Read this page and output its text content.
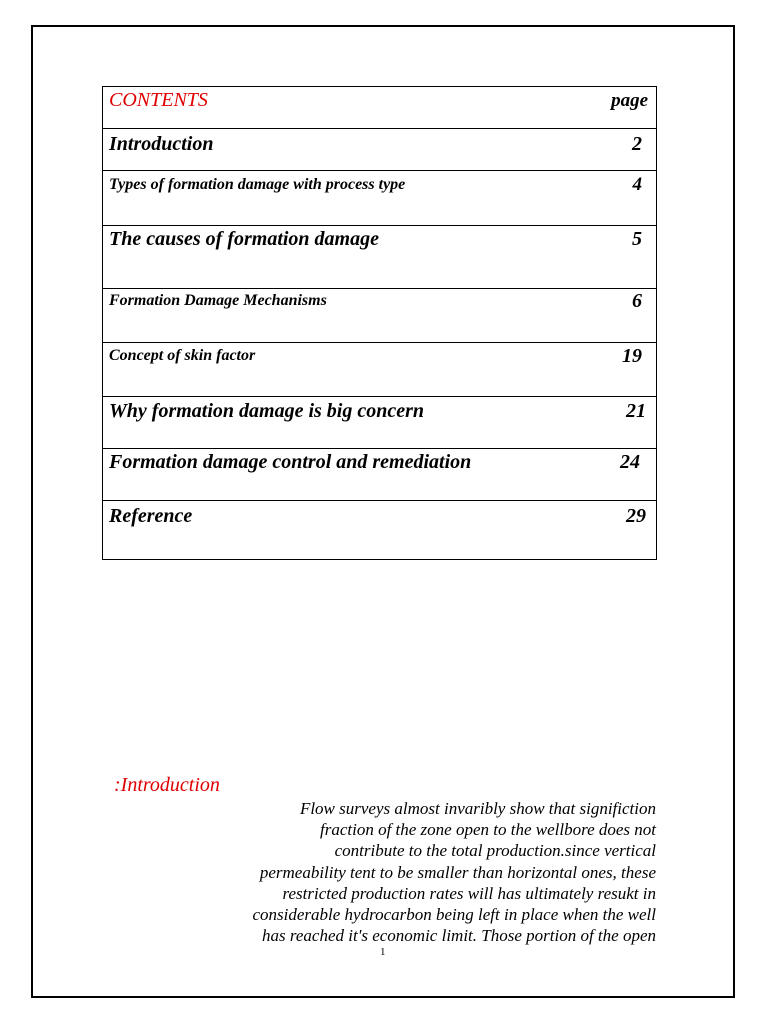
CONTENTS	page
Introduction	2
Types of formation damage with process type	4
The causes of formation damage	5
Formation Damage Mechanisms	6
Concept of skin factor	19
Why formation damage is big concern	21
Formation damage control and remediation	24
Reference	29
:Introduction
Flow surveys almost invaribly show that significtion
fraction of the zone open to the wellbore does not
contribute to the total production.since vertical
permeability tent to be smaller than horizontal ones, these
restricted production rates will has ultimately resukt in
considerable hydrocarbon being left in place when the well
has reached it's economic limit. Those portion of the open
1
